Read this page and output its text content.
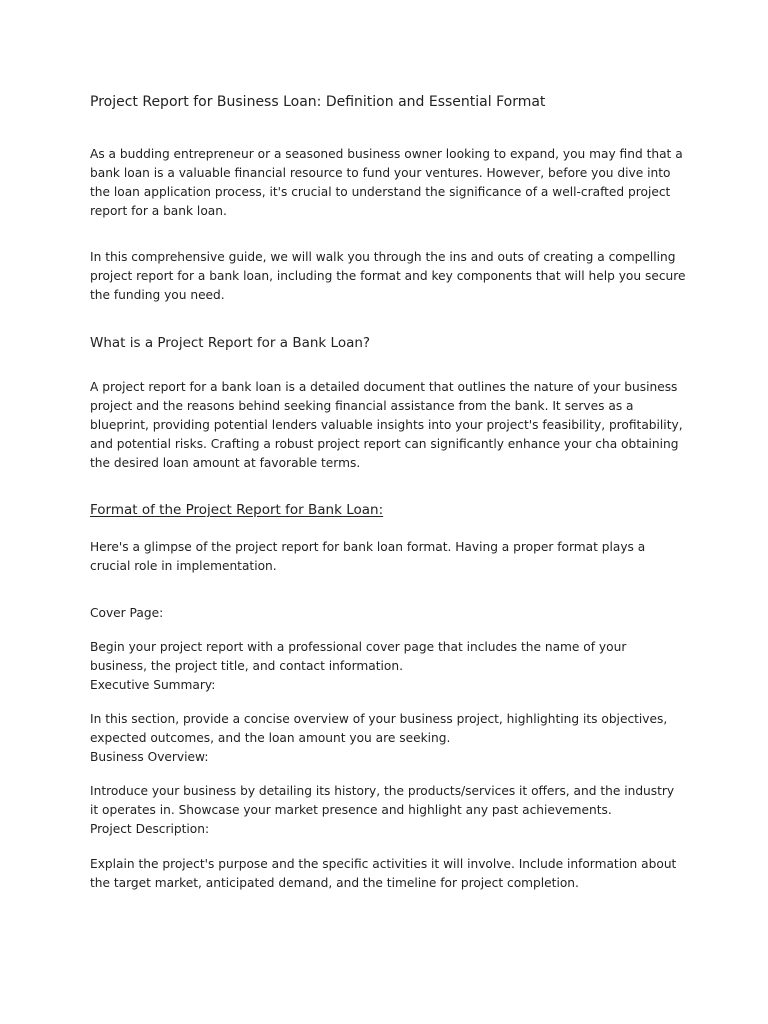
Project Report for Business Loan: Definition and Essential Format

As a budding entrepreneur or a seasoned business owner looking to expand, you may find that a bank loan is a valuable financial resource to fund your ventures. However, before you dive into the loan application process, it's crucial to understand the significance of a well-crafted project report for a bank loan.

In this comprehensive guide, we will walk you through the ins and outs of creating a compelling project report for a bank loan, including the format and key components that will help you secure the funding you need.

What is a Project Report for a Bank Loan?

A project report for a bank loan is a detailed document that outlines the nature of your business project and the reasons behind seeking financial assistance from the bank. It serves as a blueprint, providing potential lenders valuable insights into your project's feasibility, profitability, and potential risks. Crafting a robust project report can significantly enhance your cha obtaining the desired loan amount at favorable terms.

Format of the Project Report for Bank Loan:

Here's a glimpse of the project report for bank loan format. Having a proper format plays a crucial role in implementation.

Cover Page:

Begin your project report with a professional cover page that includes the name of your business, the project title, and contact information.

Executive Summary:

In this section, provide a concise overview of your business project, highlighting its objectives, expected outcomes, and the loan amount you are seeking.

Business Overview:

Introduce your business by detailing its history, the products/services it offers, and the industry it operates in. Showcase your market presence and highlight any past achievements.

Project Description:

Explain the project's purpose and the specific activities it will involve. Include information about the target market, anticipated demand, and the timeline for project completion.
